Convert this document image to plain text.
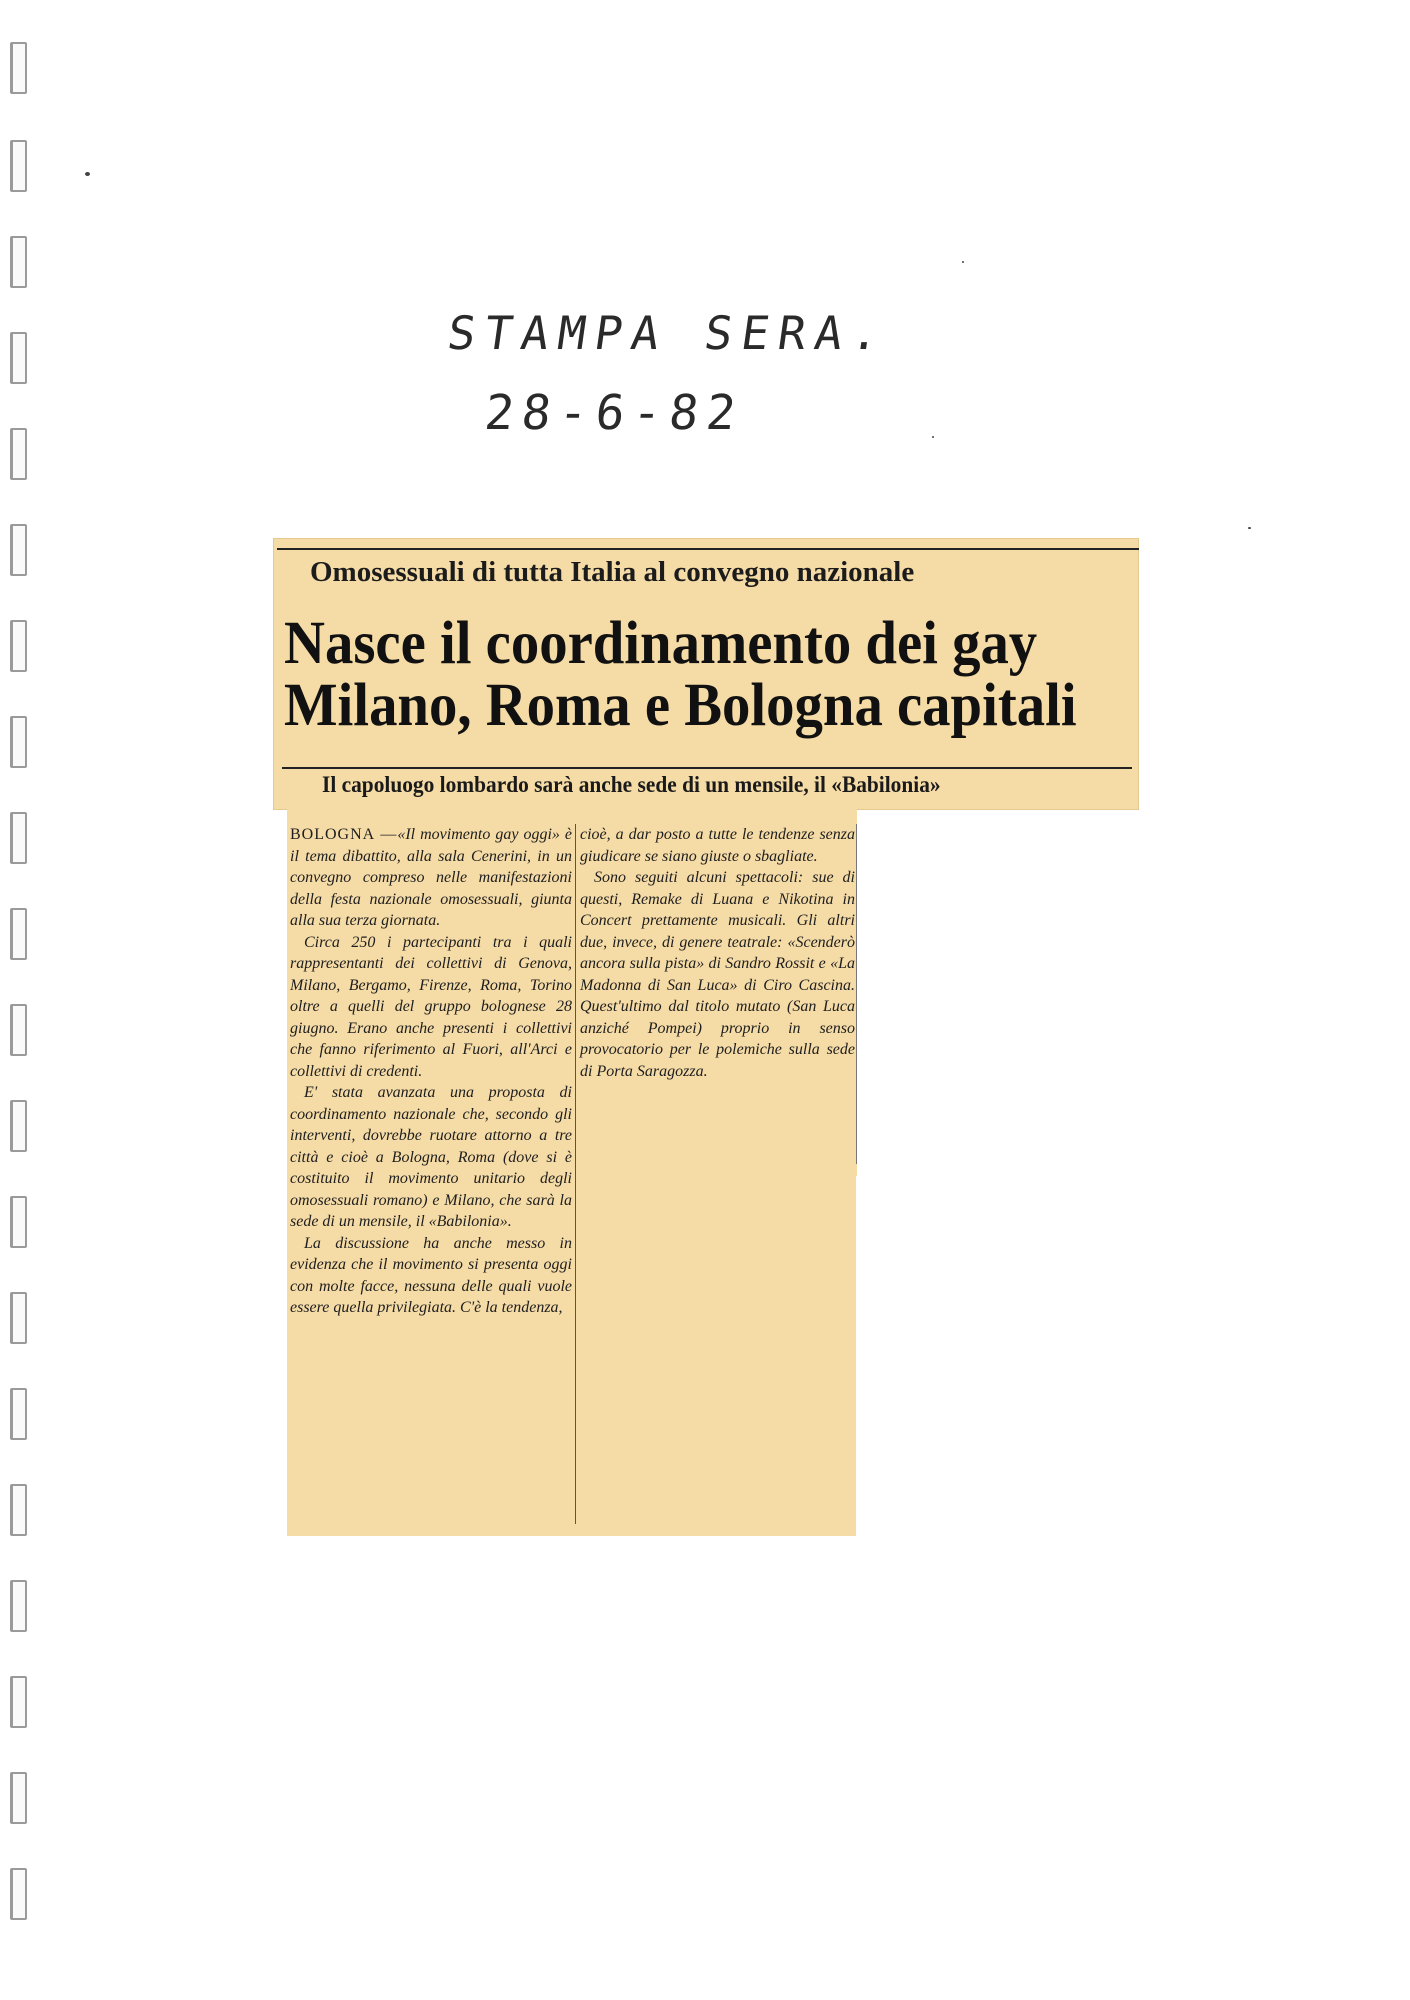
STAMPA SERA.
28-6-82
Omosessuali di tutta Italia al convegno nazionale
Nasce il coordinamento dei gay
Milano, Roma e Bologna capitali
Il capoluogo lombardo sarà anche sede di un mensile, il «Babilonia»

BOLOGNA —«Il movimento gay oggi» è il tema dibattito, alla sala Cenerini, in un convegno compreso nelle manifestazioni della festa nazionale omosessuali, giunta alla sua terza giornata.

Circa 250 i partecipanti tra i quali rappresentanti dei collettivi di Genova, Milano, Bergamo, Firenze, Roma, Torino oltre a quelli del gruppo bolognese 28 giugno. Erano anche presenti i collettivi che fanno riferimento al Fuori, all'Arci e collettivi di credenti.

E' stata avanzata una proposta di coordinamento nazionale che, secondo gli interventi, dovrebbe ruotare attorno a tre città e cioè a Bologna, Roma (dove si è costituito il movimento unitario degli omosessuali romano) e Milano, che sarà la sede di un mensile, il «Babilonia».

La discussione ha anche messo in evidenza che il movimento si presenta oggi con molte facce, nessuna delle quali vuole essere quella privilegiata. C'è la tendenza,

cioè, a dar posto a tutte le tendenze senza giudicare se siano giuste o sbagliate.

Sono seguiti alcuni spettacoli: sue di questi, Remake di Luana e Nikotina in Concert prettamente musicali. Gli altri due, invece, di genere teatrale: «Scenderò ancora sulla pista» di Sandro Rossit e «La Madonna di San Luca» di Ciro Cascina. Quest'ultimo dal titolo mutato (San Luca anziché Pompei) proprio in senso provocatorio per le polemiche sulla sede di Porta Saragozza.
